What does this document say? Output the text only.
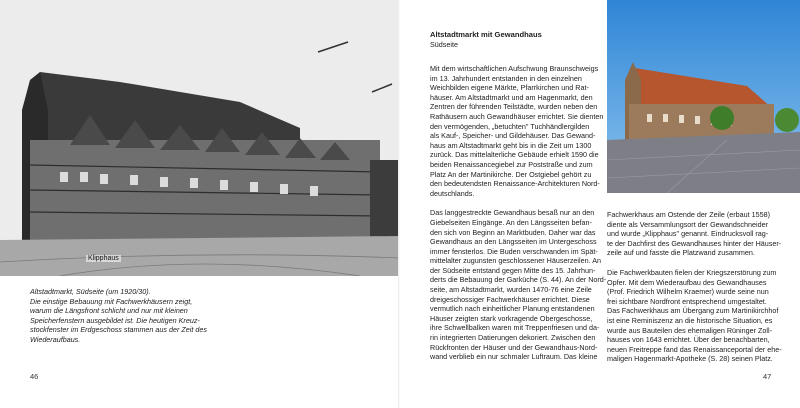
Klipphaus
Altstadtmarkt, Südseite (um 1920/30).
Die einstige Bebauung mit Fachwerkhäusern zeigt,
warum die Längsfront schlicht und nur mit kleinen
Speicherfenstern ausgebildet ist. Die heutigen Kreuz-
stockfenster im Erdgeschoss stammen aus der Zeit des
Wiederaufbaus.
46
Altstadtmarkt mit Gewandhaus
Südseite
Mit dem wirtschaftlichen Aufschwung Braunschweigs
im 13. Jahrhundert entstanden in den einzelnen
Weichbilden eigene Märkte, Pfarrkirchen und Rat-
häuser. Am Altstadtmarkt und am Hagenmarkt, den
Zentren der führenden Teilstädte, wurden neben den
Rathäusern auch Gewandhäuser errichtet. Sie dienten
den vermögenden, „betuchten" Tuchhändlergilden
als Kauf-, Speicher- und Gildehäuser. Das Gewand-
haus am Altstadtmarkt geht bis in die Zeit um 1300
zurück. Das mittelalterliche Gebäude erhielt 1590 die
beiden Renaissancegiebel zur Poststraße und zum
Platz An der Martinikirche. Der Ostgiebel gehört zu
den bedeutendsten Renaissance-Architekturen Nord-
deutschlands.
Das langgestreckte Gewandhaus besaß nur an den
Giebelseiten Eingänge. An den Längsseiten befan-
den sich von Beginn an Marktbuden. Daher war das
Gewandhaus an den Längsseiten im Untergeschoss
immer fensterlos. Die Buden verschwanden im Spät-
mittelalter zugunsten geschlossener Häuserzeilen. An
der Südseite entstand gegen Mitte des 15. Jahrhun-
derts die Bebauung der Garküche (S. 44). An der Nord-
seite, am Altstadtmarkt, wurden 1470-76 eine Zeile
dreigeschossiger Fachwerkhäuser errichtet. Diese
vermutlich nach einheitlicher Planung entstandenen
Häuser zeigten stark vorkragende Obergeschosse,
ihre Schwellbalken waren mit Treppenfriesen und da-
rin integrierten Datierungen dekoriert. Zwischen den
Rückfronten der Häuser und der Gewandhaus-Nord-
wand verblieb ein nur schmaler Luftraum. Das kleine
Fachwerkhaus am Ostende der Zeile (erbaut 1558)
diente als Versammlungsort der Gewandschneider
und wurde „Klipphaus" genannt. Eindrucksvoll rag-
te der Dachfirst des Gewandhauses hinter der Häuser-
zeile auf und fasste die Platzwand zusammen.
Die Fachwerkbauten fielen der Kriegszerstörung zum
Opfer. Mit dem Wiederaufbau des Gewandhauses
(Prof. Friedrich Wilhelm Kraemer) wurde seine nun
frei sichtbare Nordfront entsprechend umgestaltet.
Das Fachwerkhaus am Übergang zum Martinikirchhof
ist eine Reminiszenz an die historische Situation, es
wurde aus Bauteilen des ehemaligen Rüninger Zoll-
hauses von 1643 errichtet. Über der benachbarten,
neuen Freitreppe fand das Renaissanceportal der ehe-
maligen Hagenmarkt-Apotheke (S. 28) seinen Platz.
47
